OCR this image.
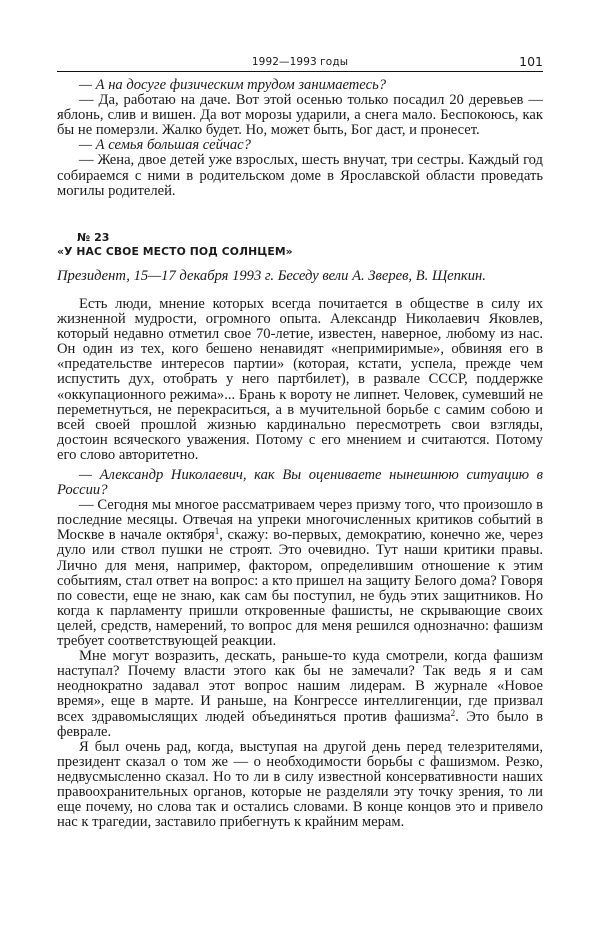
1992—1993 годы	101

— А на досуге физическим трудом занимаетесь?

— Да, работаю на даче. Вот этой осенью только посадил 20 деревьев — яблонь, слив и вишен. Да вот морозы ударили, а снега мало. Беспокоюсь, как бы не померзли. Жалко будет. Но, может быть, Бог даст, и пронесет.

— А семья большая сейчас?

— Жена, двое детей уже взрослых, шесть внучат, три сестры. Каждый год собираемся с ними в родительском доме в Ярославской области проведать могилы родителей.

№ 23
«У НАС СВОЕ МЕСТО ПОД СОЛНЦЕМ»
Президент, 15—17 декабря 1993 г. Беседу вели А. Зверев, В. Щепкин.

Есть люди, мнение которых всегда почитается в обществе в силу их жизненной мудрости, огромного опыта. Александр Николаевич Яковлев, который недавно отметил свое 70-летие, известен, наверное, любому из нас. Он один из тех, кого бешено ненавидят «непримиримые», обвиняя его в «предательстве интересов партии» (которая, кстати, успела, прежде чем испустить дух, отобрать у него партбилет), в развале СССР, поддержке «оккупационного режима»... Брань к вороту не липнет. Человек, сумевший не переметнуться, не перекраситься, а в мучительной борьбе с самим собою и всей своей прошлой жизнью кардинально пересмотреть свои взгляды, достоин всяческого уважения. Потому с его мнением и считаются. Потому его слово авторитетно.

— Александр Николаевич, как Вы оцениваете нынешнюю ситуацию в России?

— Сегодня мы многое рассматриваем через призму того, что произошло в последние месяцы. Отвечая на упреки многочисленных критиков событий в Москве в начале октября$^1$, скажу: во-первых, демократию, конечно же, через дуло или ствол пушки не строят. Это очевидно. Тут наши критики правы. Лично для меня, например, фактором, определившим отношение к этим событиям, стал ответ на вопрос: а кто пришел на защиту Белого дома? Говоря по совести, еще не знаю, как сам бы поступил, не будь этих защитников. Но когда к парламенту пришли откровенные фашисты, не скрывающие своих целей, средств, намерений, то вопрос для меня решился однозначно: фашизм требует соответствующей реакции.

Мне могут возразить, дескать, раньше-то куда смотрели, когда фашизм наступал? Почему власти этого как бы не замечали? Так ведь я и сам неоднократно задавал этот вопрос нашим лидерам. В журнале «Новое время», еще в марте. И раньше, на Конгрессе интеллигенции, где призвал всех здравомыслящих людей объединяться против фашизма$^2$. Это было в феврале.

Я был очень рад, когда, выступая на другой день перед телезрителями, президент сказал о том же — о необходимости борьбы с фашизмом. Резко, недвусмысленно сказал. Но то ли в силу известной консервативности наших правоохранительных органов, которые не разделяли эту точку зрения, то ли еще почему, но слова так и остались словами. В конце концов это и привело нас к трагедии, заставило прибегнуть к крайним мерам.
